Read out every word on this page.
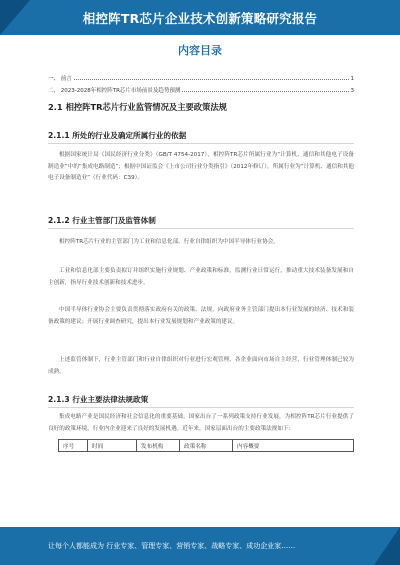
相控阵TR芯片企业技术创新策略研究报告
内容目录
一、 前言	1
二、 2023-2028年相控阵TR芯片市场前景及趋势预测	3
2.1 相控阵TR芯片行业监管情况及主要政策法规
2.1.1 所处的行业及确定所属行业的依据

根据国家统计局《国民经济行业分类》（GB/T 4754-2017），相控阵TR芯片所属行业为“计算机、通信和其他电子设备制造业”中的“集成电路制造”；根据中国证监会《上市公司行业分类指引》（2012年修订），所属行业为“计算机、通信和其他电子设备制造业”（行业代码：C39）。

2.1.2 行业主管部门及监管体制

相控阵TR芯片行业的主管部门为工业和信息化部，行业自律组织为中国半导体行业协会。

工业和信息化部主要负责拟订并组织实施行业规划、产业政策和标准，监测行业日常运行，推动重大技术装备发展和自主创新，指导行业技术创新和技术进步。

中国半导体行业协会主要负责贯彻落实政府有关的政策、法规，向政府业务主管部门提出本行业发展的经济、技术和装备政策的建议；开展行业调查研究，提出本行业发展规划和产业政策的建议。

上述监管体制下，行业主管部门和行业自律组织对行业进行宏观管理，各企业面向市场自主经营，行业管理体制已较为成熟。

2.1.3 行业主要法律法规政策

集成电路产业是国民经济和社会信息化的重要基础，国家出台了一系列政策支持行业发展，为相控阵TR芯片行业提供了良好的政策环境，行业内企业迎来了良好的发展机遇。近年来，国家层面出台的主要政策法规如下：

序号	时间	发布机构	政策名称	内容概要
让每个人都能成为 行业专家、管理专家、营销专家、战略专家、成功企业家……
